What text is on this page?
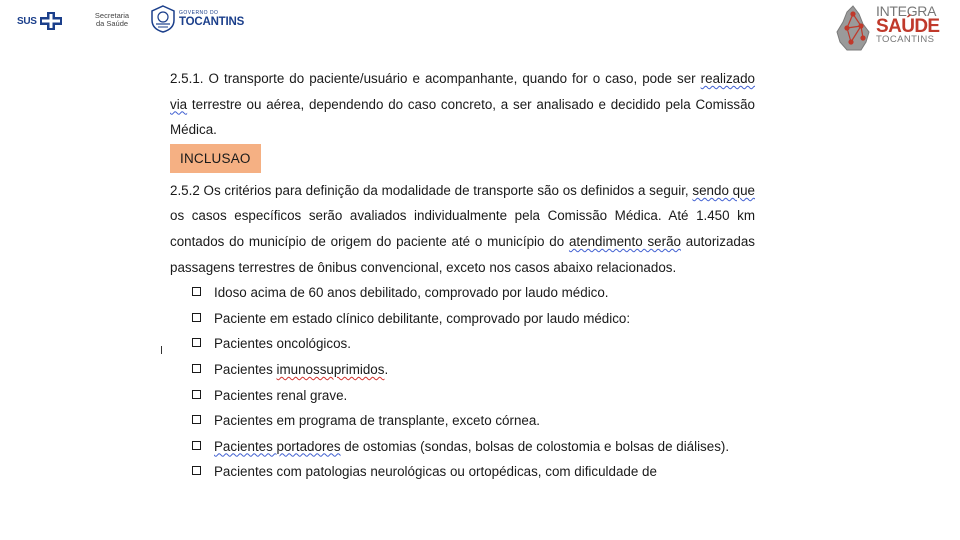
SUS	Secretaria
da Saúde
GOVERNO DO
TOCANTINS
INTEGRA
SAÚDE
TOCANTINS

2.5.1. O transporte do paciente/usuário e acompanhante, quando for o caso, pode ser realizado via terrestre ou aérea, dependendo do caso concreto, a ser analisado e decidido pela Comissão Médica.

INCLUSAO

2.5.2 Os critérios para definição da modalidade de transporte são os definidos a seguir, sendo que os casos específicos serão avaliados individualmente pela Comissão Médica. Até 1.450 km contados do município de origem do paciente até o município do atendimento serão autorizadas passagens terrestres de ônibus convencional, exceto nos casos abaixo relacionados.

Idoso acima de 60 anos debilitado, comprovado por laudo médico.
Paciente em estado clínico debilitante, comprovado por laudo médico:
Pacientes oncológicos.
Pacientes imunossuprimidos.
Pacientes renal grave.
Pacientes em programa de transplante, exceto córnea.
Pacientes portadores de ostomias (sondas, bolsas de colostomia e bolsas de diálises).
Pacientes com patologias neurológicas ou ortopédicas, com dificuldade de
